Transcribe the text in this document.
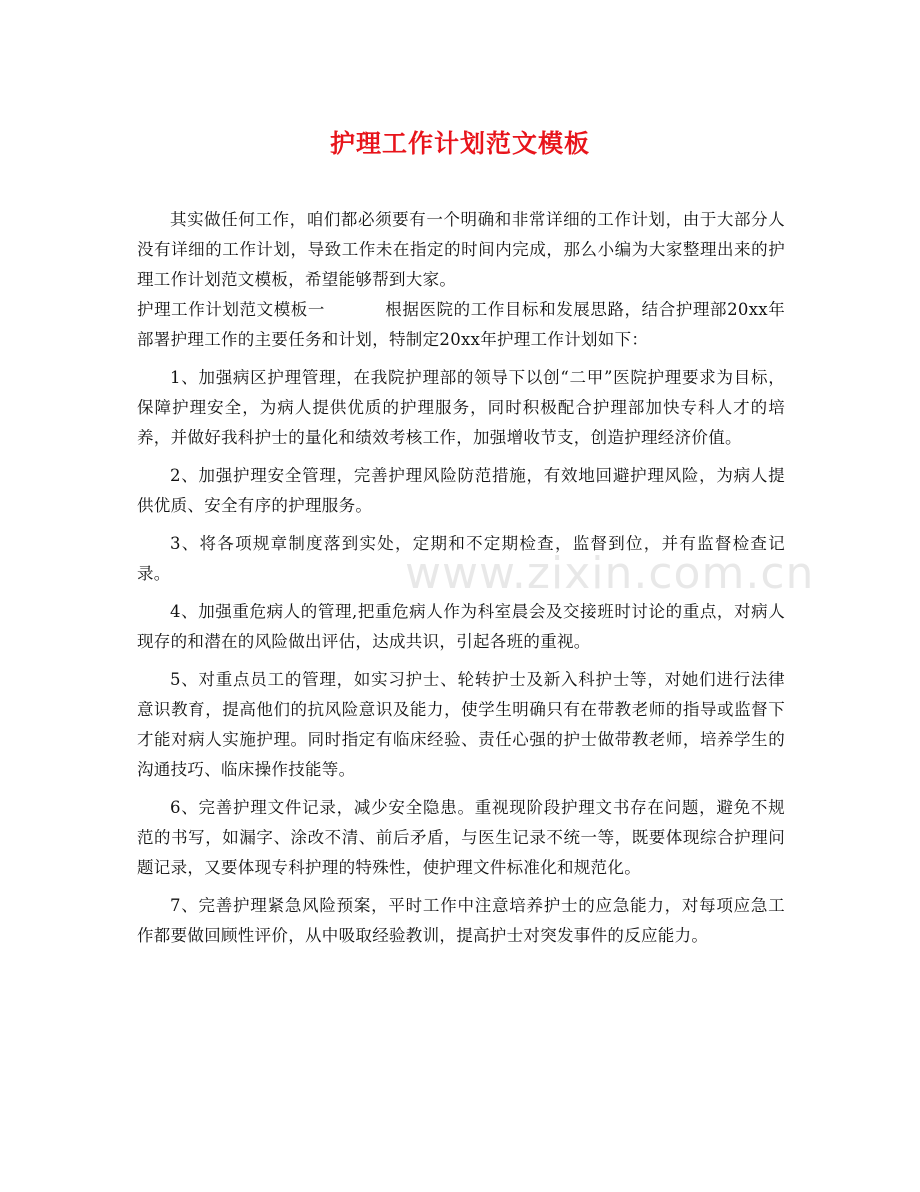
护理工作计划范文模板

其实做任何工作，咱们都必须要有一个明确和非常详细的工作计划，由于大部分人没有详细的工作计划，导致工作未在指定的时间内完成，那么小编为大家整理出来的护理工作计划范文模板，希望能够帮到大家。

护理工作计划范文模板一	根据医院的工作目标和发展思路，结合护理部20xx年部署护理工作的主要任务和计划，特制定20xx年护理工作计划如下：

1、加强病区护理管理，在我院护理部的领导下以创“二甲”医院护理要求为目标，保障护理安全，为病人提供优质的护理服务，同时积极配合护理部加快专科人才的培养，并做好我科护士的量化和绩效考核工作，加强增收节支，创造护理经济价值。

2、加强护理安全管理，完善护理风险防范措施，有效地回避护理风险，为病人提供优质、安全有序的护理服务。

3、将各项规章制度落到实处，定期和不定期检查，监督到位，并有监督检查记录。

4、加强重危病人的管理,把重危病人作为科室晨会及交接班时讨论的重点，对病人现存的和潜在的风险做出评估，达成共识，引起各班的重视。

5、对重点员工的管理，如实习护士、轮转护士及新入科护士等，对她们进行法律意识教育，提高他们的抗风险意识及能力，使学生明确只有在带教老师的指导或监督下才能对病人实施护理。同时指定有临床经验、责任心强的护士做带教老师，培养学生的沟通技巧、临床操作技能等。

6、完善护理文件记录，减少安全隐患。重视现阶段护理文书存在问题，避免不规范的书写，如漏字、涂改不清、前后矛盾，与医生记录不统一等，既要体现综合护理问题记录，又要体现专科护理的特殊性，使护理文件标准化和规范化。

7、完善护理紧急风险预案，平时工作中注意培养护士的应急能力，对每项应急工作都要做回顾性评价，从中吸取经验教训，提高护士对突发事件的反应能力。

www.zixin.com.cn
